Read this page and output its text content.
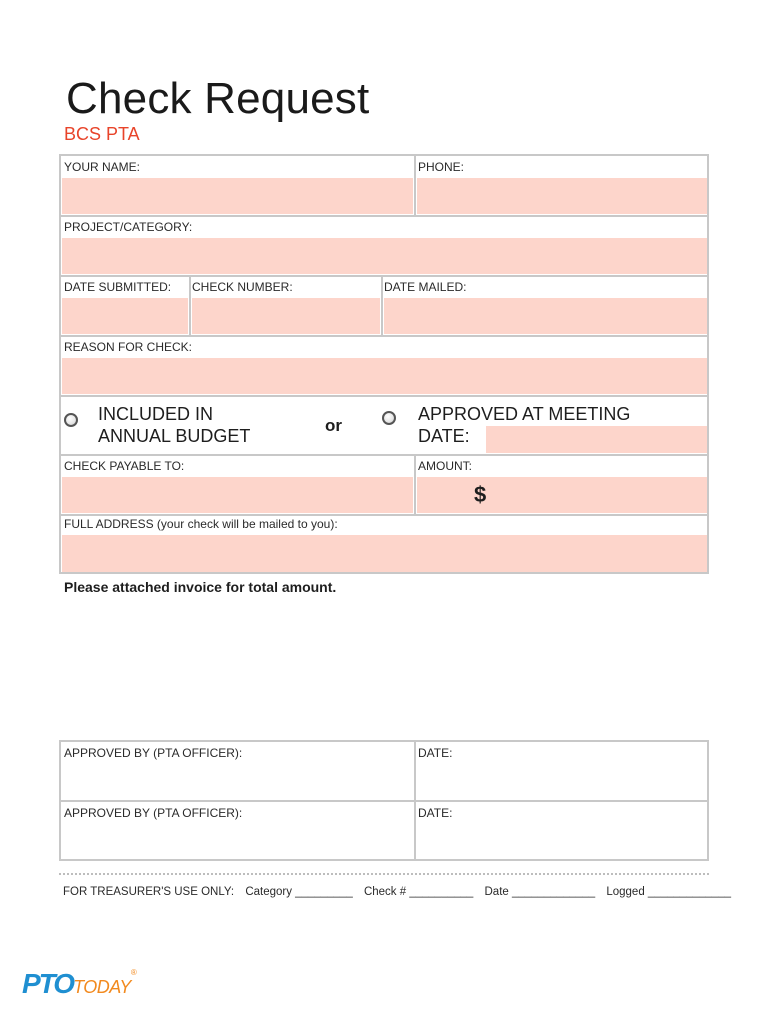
Check Request
BCS PTA
YOUR NAME:	PHONE:
PROJECT/CATEGORY:
DATE SUBMITTED: CHECK NUMBER:	DATE MAILED:
REASON FOR CHECK:
INCLUDED IN
ANNUAL BUDGET
or
APPROVED AT MEETING
DATE:
CHECK PAYABLE TO:	AMOUNT:
$
FULL ADDRESS (your check will be mailed to you):
Please attached invoice for total amount.
APPROVED BY (PTA OFFICER):	DATE:
APPROVED BY (PTA OFFICER):	DATE:
FOR TREASURER'S USE ONLY: Category _________ Check # __________ Date _____________ Logged _____________
PTOTODAY®
